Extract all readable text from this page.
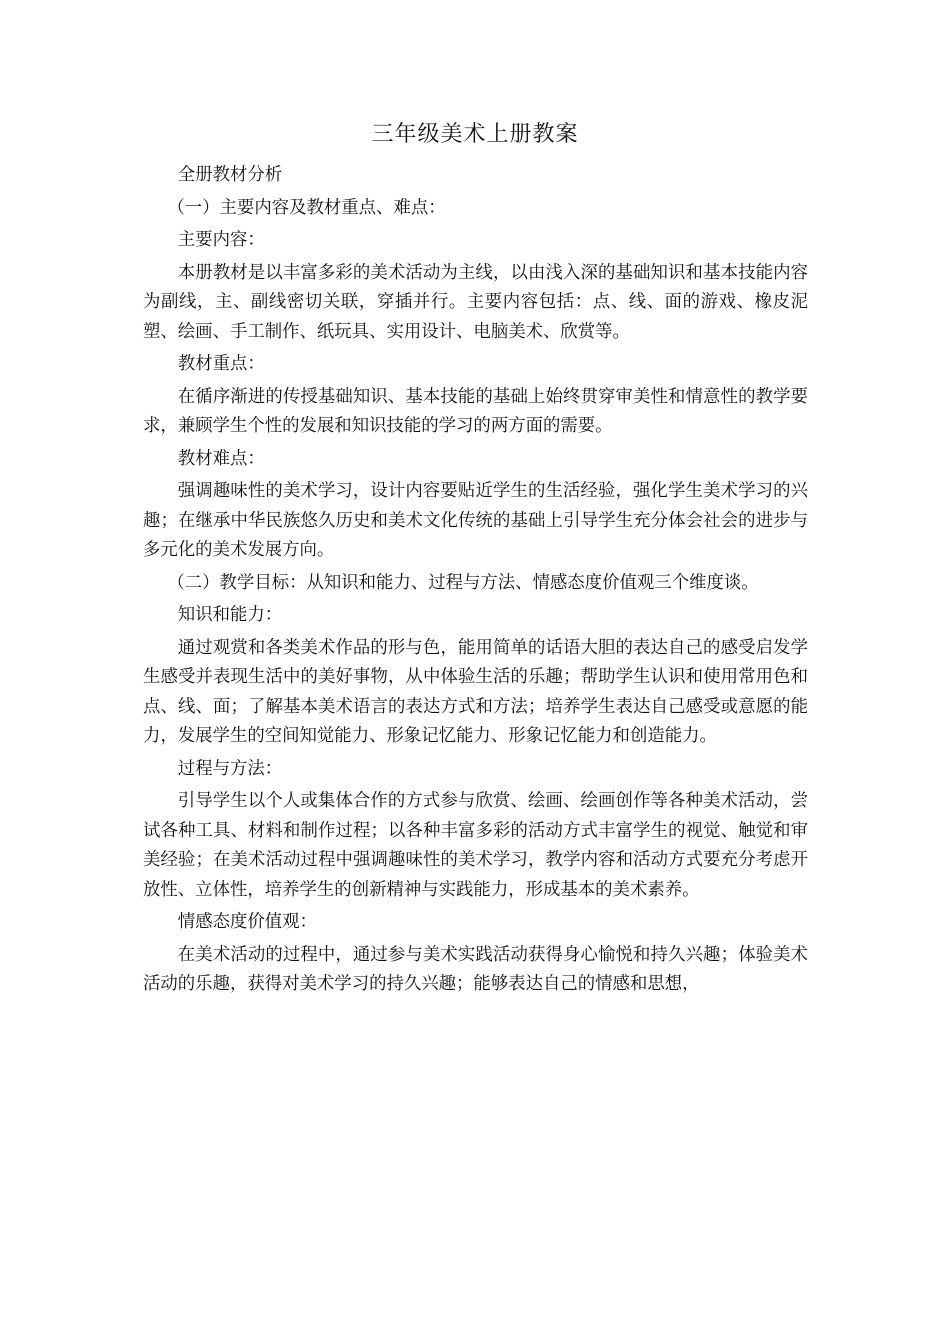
三年级美术上册教案

全册教材分析

（一）主要内容及教材重点、难点：

主要内容：

本册教材是以丰富多彩的美术活动为主线，以由浅入深的基础知识和基本技能内容为副线，主、副线密切关联，穿插并行。主要内容包括：点、线、面的游戏、橡皮泥塑、绘画、手工制作、纸玩具、实用设计、电脑美术、欣赏等。

教材重点：

在循序渐进的传授基础知识、基本技能的基础上始终贯穿审美性和情意性的教学要求，兼顾学生个性的发展和知识技能的学习的两方面的需要。

教材难点：

强调趣味性的美术学习，设计内容要贴近学生的生活经验，强化学生美术学习的兴趣；在继承中华民族悠久历史和美术文化传统的基础上引导学生充分体会社会的进步与多元化的美术发展方向。

（二）教学目标：从知识和能力、过程与方法、情感态度价值观三个维度谈。

知识和能力：

通过观赏和各类美术作品的形与色，能用简单的话语大胆的表达自己的感受启发学生感受并表现生活中的美好事物，从中体验生活的乐趣；帮助学生认识和使用常用色和点、线、面；了解基本美术语言的表达方式和方法；培养学生表达自己感受或意愿的能力，发展学生的空间知觉能力、形象记忆能力、形象记忆能力和创造能力。

过程与方法：

引导学生以个人或集体合作的方式参与欣赏、绘画、绘画创作等各种美术活动，尝试各种工具、材料和制作过程；以各种丰富多彩的活动方式丰富学生的视觉、触觉和审美经验；在美术活动过程中强调趣味性的美术学习，教学内容和活动方式要充分考虑开放性、立体性，培养学生的创新精神与实践能力，形成基本的美术素养。

情感态度价值观：

在美术活动的过程中，通过参与美术实践活动获得身心愉悦和持久兴趣；体验美术活动的乐趣，获得对美术学习的持久兴趣；能够表达自己的情感和思想，
